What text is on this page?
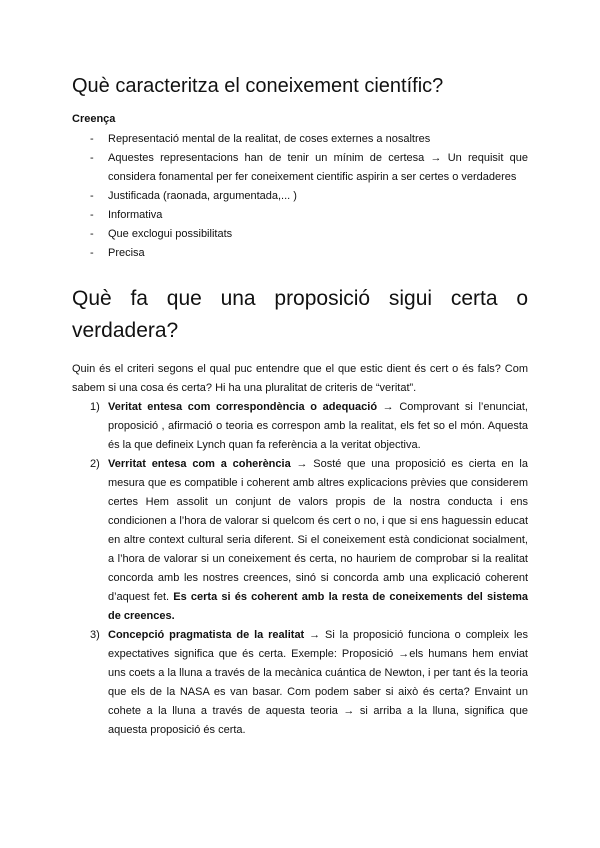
Què caracteritza el coneixement científic?
Creença
- Representació mental de la realitat, de coses externes a nosaltres
- Aquestes representacions han de tenir un mínim de certesa → Un requisit que considera fonamental per fer coneixement cientific aspirin a ser certes o verdaderes
- Justificada (raonada, argumentada,... )
- Informativa
- Que exclogui possibilitats
- Precisa
Què fa que una proposició sigui certa o verdadera?

Quin és el criteri segons el qual puc entendre que el que estic dient és cert o és fals? Com sabem si una cosa és certa? Hi ha una pluralitat de criteris de “veritat”.

1) Veritat entesa com correspondència o adequació → Comprovant si l’enunciat, proposició , afirmació o teoria es correspon amb la realitat, els fet so el món. Aquesta és la que defineix Lynch quan fa referència a la veritat objectiva.
2) Verritat entesa com a coherència → Sosté que una proposició es cierta en la mesura que es compatible i coherent amb altres explicacions prèvies que considerem certes Hem assolit un conjunt de valors propis de la nostra conducta i ens condicionen a l’hora de valorar si quelcom és cert o no, i que si ens haguessin educat en altre context cultural seria diferent. Si el coneixement està condicionat socialment, a l’hora de valorar si un coneixement és certa, no hauriem de comprobar si la realitat concorda amb les nostres creences, sinó si concorda amb una explicació coherent d’aquest fet. Es certa si és coherent amb la resta de coneixements del sistema de creences.
3) Concepció pragmatista de la realitat → Si la proposició funciona o compleix les expectatives significa que és certa. Exemple: Proposició →els humans hem enviat uns coets a la lluna a través de la mecànica cuántica de Newton, i per tant és la teoria que els de la NASA es van basar. Com podem saber si això és certa? Envaint un cohete a la lluna a través de aquesta teoria → si arriba a la lluna, significa que aquesta proposició és certa.
